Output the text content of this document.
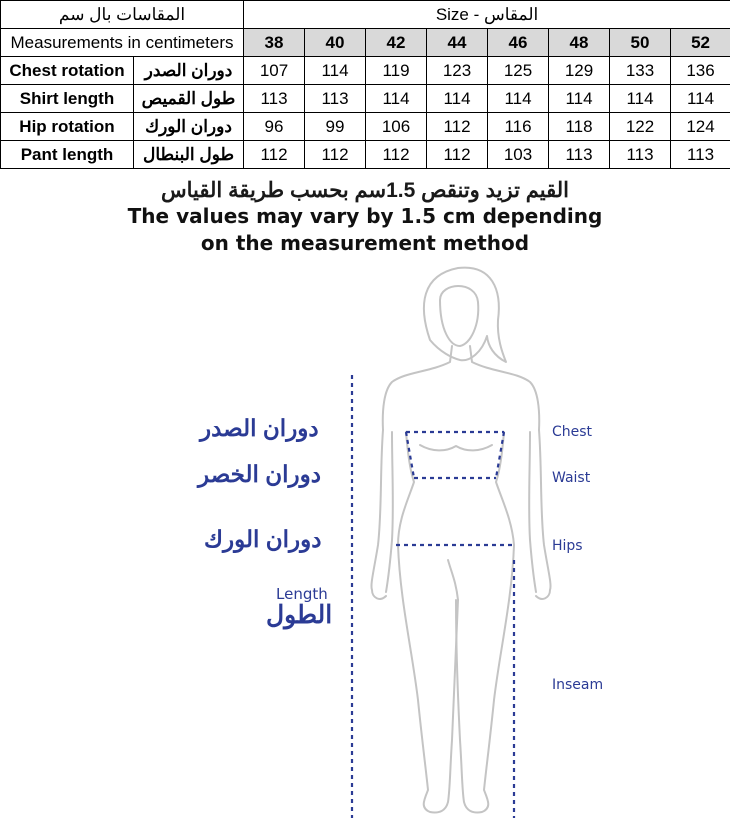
المقاسات بال سم		Size - المقاس							
Measurements in centimeters		38	40	42	44	46	48	50	52
Chest rotation	دوران الصدر	107	114	119	123	125	129	133	136
Shirt length	طول القميص	113	113	114	114	114	114	114	114
Hip rotation	دوران الورك	96	99	106	112	116	118	122	124
Pant length	طول البنطال	112	112	112	112	103	113	113	113
القيم تزيد وتنقص 1.5سم بحسب طريقة القياس
The values may vary by 1.5 cm depending
on the measurement method
دوران الصدر
دوران الخصر
دوران الورك
Length
الطول
Chest
Waist
Hips
Inseam
